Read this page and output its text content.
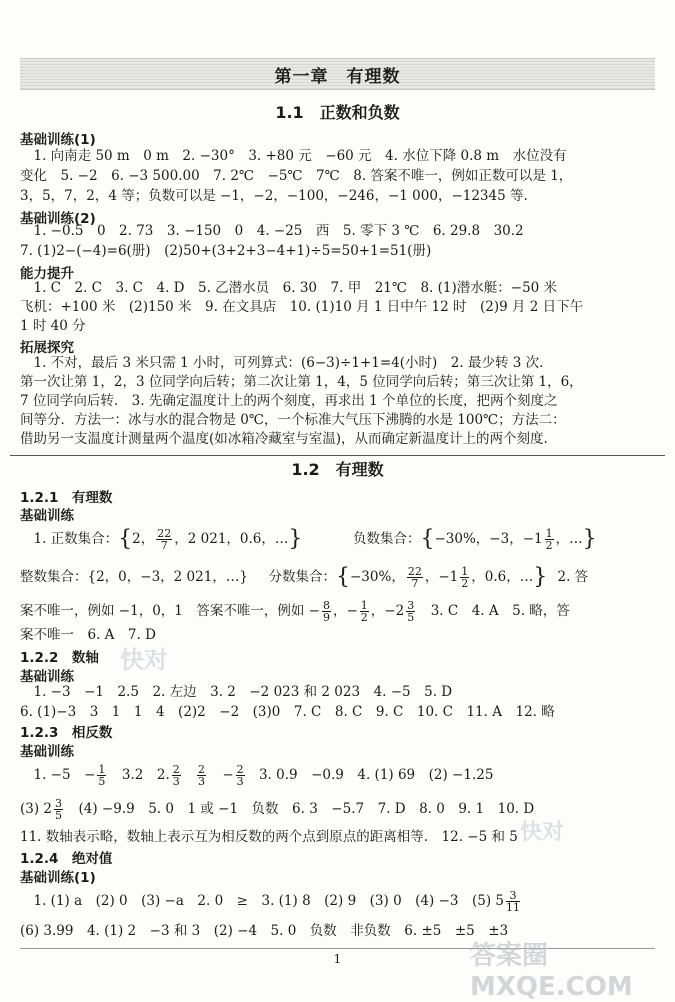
第一章　有理数
1.1　正数和负数
基础训练(1)
　1. 向南走 50 m　0 m　2. −30°　3. +80 元　−60 元　4. 水位下降 0.8 m　水位没有
变化　5. −2　6. −3 500.00　7. 2℃　−5℃　7℃　8. 答案不唯一，例如正数可以是 1，
3，5，7，2，4 等；负数可以是 −1，−2，−100，−246，−1 000，−12345 等.
基础训练(2)
　1. −0.5　0　2. 73　3. −150　0　4. −25　西　5. 零下 3 ℃　6. 29.8　30.2
7. (1)2−(−4)=6(册)　(2)50+(3+2+3−4+1)÷5=50+1=51(册)
能力提升
　1. C　2. C　3. C　4. D　5. 乙潜水员　6. 30　7. 甲　21℃　8. (1)潜水艇：−50 米
飞机：+100 米　(2)150 米　9. 在文具店　10. (1)10 月 1 日中午 12 时　(2)9 月 2 日下午
1 时 40 分
拓展探究
　1. 不对，最后 3 米只需 1 小时，可列算式：(6−3)÷1+1=4(小时)　2. 最少转 3 次.
第一次让第 1，2，3 位同学向后转；第二次让第 1，4，5 位同学向后转；第三次让第 1，6，
7 位同学向后转.　3. 先确定温度计上的两个刻度，再求出 1 个单位的长度，把两个刻度之
间等分．方法一：冰与水的混合物是 0℃，一个标准大气压下沸腾的水是 100℃；方法二：
借助另一支温度计测量两个温度(如冰箱冷藏室与室温)，从而确定新温度计上的两个刻度.
1.2　有理数
1.2.1　有理数
基础训练
　1. 正数集合：{2， $\frac{22}{7}$ ，2 021，0.6，…}	负数集合：{−30%，−3，$-1 \frac{1}{2}$ ，…}
整数集合：{2，0，−3，2 021，…} 分数集合：{−30%， $\frac{22}{7}$ ，$-1 \frac{1}{2}$ ，0.6，…} 2. 答
案不唯一，例如 −1，0，1　答案不唯一，例如 − $\frac{8}{9}$ ，− $\frac{1}{2}$ ，$-2 \frac{3}{5}$ 　3. C　4. A　5. 略，答
案不唯一　6. A　7. D
1.2.2　数轴
基础训练
　1. −3　−1　2.5　2. 左边　3. 2　−2 023 和 2 023　4. −5　5. D
6. (1)−3　3　1　1　4　(2)2　−2　(3)0　7. C　8. C　9. C　10. C　11. A　12. 略
1.2.3　相反数
基础训练
　1. −5　− $\frac{1}{5}$ 　3.2　2. $\frac{2}{3}$
$\frac{2}{3} - \frac{2}{3} 3$. 0.9　−0.9　4. (1) 69　(2) −1.25
(3) $2 \frac{3}{5}$ 　(4) −9.9　5. 0　1 或 −1　负数　6. 3　−5.7　7. D　8. 0　9. 1　10. D
11. 数轴表示略，数轴上表示互为相反数的两个点到原点的距离相等.　12. −5 和 5
1.2.4　绝对值
基础训练(1)
　1. (1) a　(2) 0　(3) −a　2. 0　≥　3. (1) 8　(2) 9　(3) 0　(4) −3　(5) $5 \frac{3}{11}$
(6) 3.99　4. (1) 2　−3 和 3　(2) −4　5. 0　负数　非负数　6. ±5　±5　±3
1
快对
快对
答案圈 MXQE.COM
